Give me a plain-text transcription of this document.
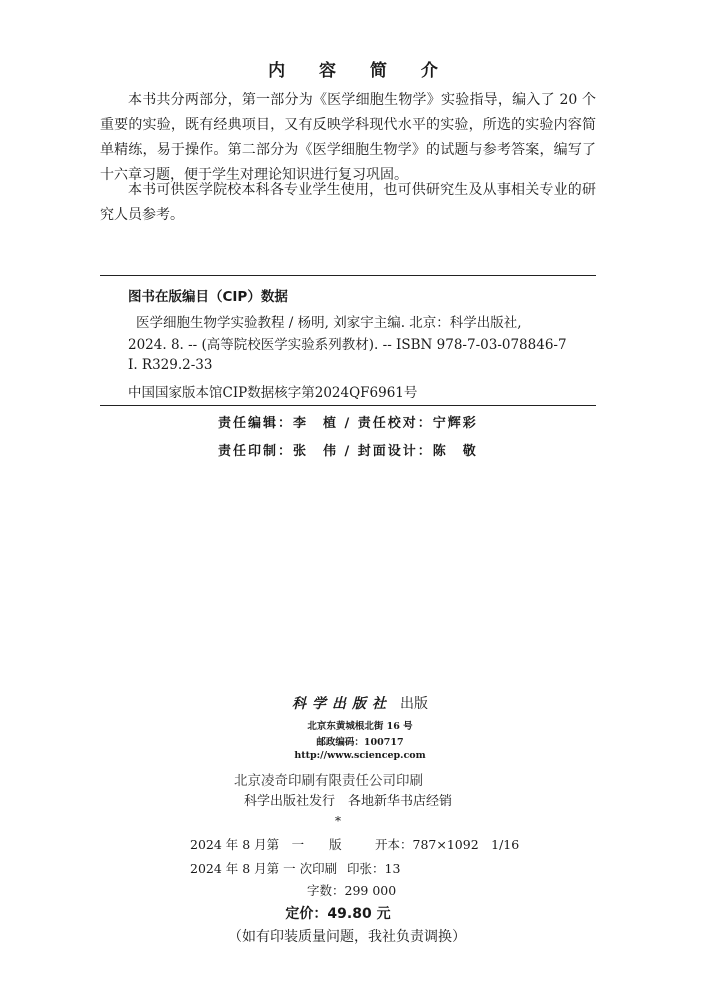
内 容 简 介

本书共分两部分，第一部分为《医学细胞生物学》实验指导，编入了 20 个重要的实验，既有经典项目，又有反映学科现代水平的实验，所选的实验内容简单精练，易于操作。第二部分为《医学细胞生物学》的试题与参考答案，编写了十六章习题，便于学生对理论知识进行复习巩固。

本书可供医学院校本科各专业学生使用，也可供研究生及从事相关专业的研究人员参考。

图书在版编目（CIP）数据
医学细胞生物学实验教程 / 杨明, 刘家宇主编. 北京：科学出版社,
2024. 8. -- (高等院校医学实验系列教材). -- ISBN 978-7-03-078846-7
Ⅰ. R329.2-33
中国国家版本馆CIP数据核字第2024QF6961号
责任编辑：李　植 / 责任校对：宁辉彩
责任印制：张　伟 / 封面设计：陈　敬
科学出版社 出版
北京东黄城根北街 16 号
邮政编码：100717
http://www.sciencep.com
北京凌奇印刷有限责任公司印刷
科学出版社发行　各地新华书店经销
*
2024 年 8 月第　一　　版	开本：787×1092　1/16
2024 年 8 月第 一 次印刷 印张：13
字数：299 000
定价：49.80 元
（如有印装质量问题，我社负责调换）
